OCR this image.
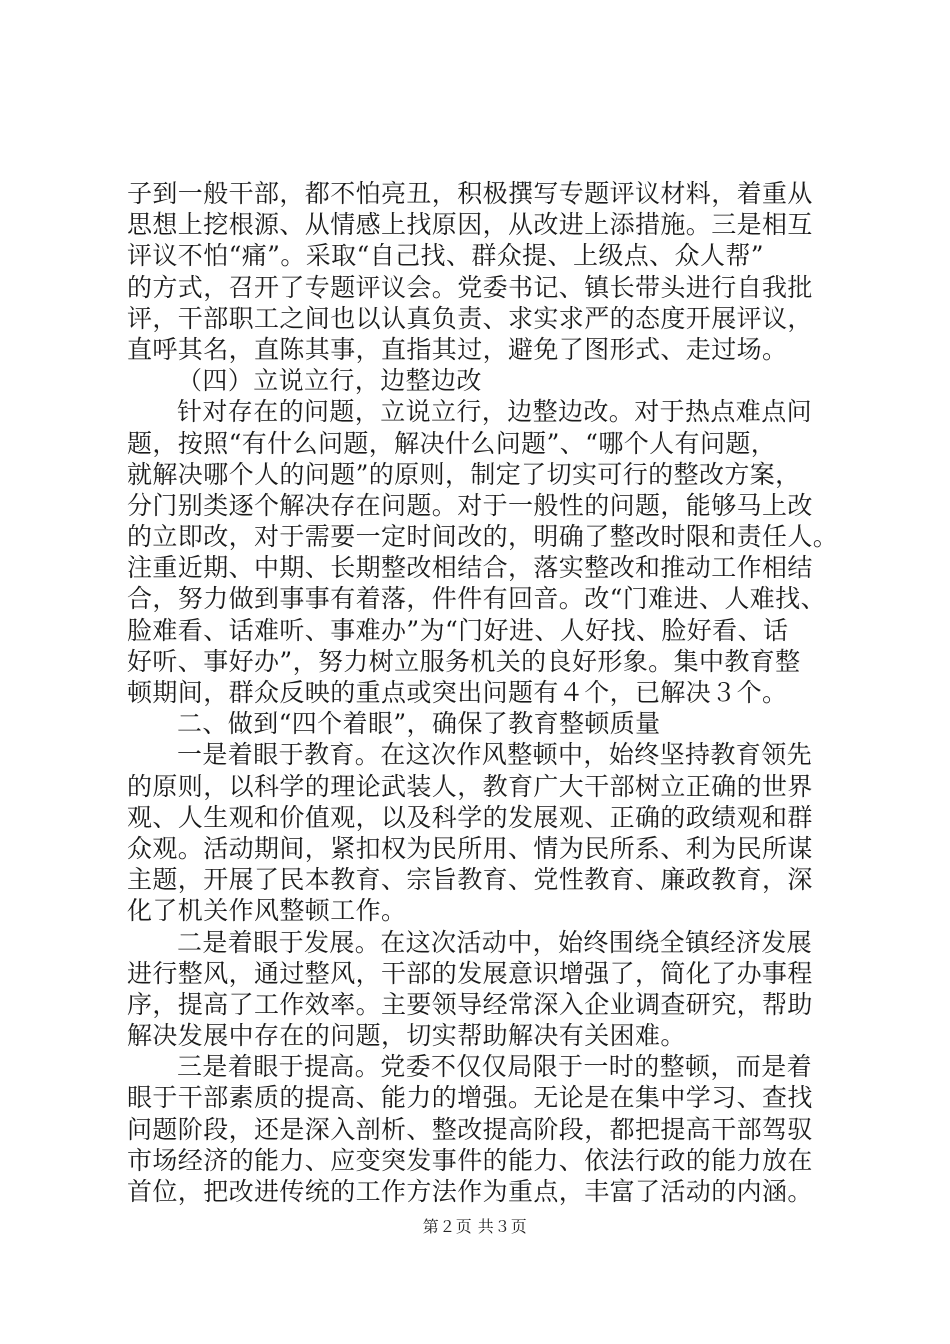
子到一般干部，都不怕亮丑，积极撰写专题评议材料，着重从
思想上挖根源、从情感上找原因，从改进上添措施。三是相互
评议不怕“痛”。采取“自己找、群众提、上级点、众人帮”
的方式，召开了专题评议会。党委书记、镇长带头进行自我批
评，干部职工之间也以认真负责、求实求严的态度开展评议，
直呼其名，直陈其事，直指其过，避免了图形式、走过场。
（四）立说立行，边整边改
针对存在的问题，立说立行，边整边改。对于热点难点问
题，按照“有什么问题，解决什么问题”、“哪个人有问题，
就解决哪个人的问题”的原则，制定了切实可行的整改方案，
分门别类逐个解决存在问题。对于一般性的问题，能够马上改
的立即改，对于需要一定时间改的，明确了整改时限和责任人。
注重近期、中期、长期整改相结合，落实整改和推动工作相结
合，努力做到事事有着落，件件有回音。改“门难进、人难找、
脸难看、话难听、事难办”为“门好进、人好找、脸好看、话
好听、事好办”，努力树立服务机关的良好形象。集中教育整
顿期间，群众反映的重点或突出问题有４个，已解决３个。
二、做到“四个着眼”，确保了教育整顿质量
一是着眼于教育。在这次作风整顿中，始终坚持教育领先
的原则，以科学的理论武装人，教育广大干部树立正确的世界
观、人生观和价值观，以及科学的发展观、正确的政绩观和群
众观。活动期间，紧扣权为民所用、情为民所系、利为民所谋
主题，开展了民本教育、宗旨教育、党性教育、廉政教育，深
化了机关作风整顿工作。
二是着眼于发展。在这次活动中，始终围绕全镇经济发展
进行整风，通过整风，干部的发展意识增强了，简化了办事程
序，提高了工作效率。主要领导经常深入企业调查研究，帮助
解决发展中存在的问题，切实帮助解决有关困难。
三是着眼于提高。党委不仅仅局限于一时的整顿，而是着
眼于干部素质的提高、能力的增强。无论是在集中学习、查找
问题阶段，还是深入剖析、整改提高阶段，都把提高干部驾驭
市场经济的能力、应变突发事件的能力、依法行政的能力放在
首位，把改进传统的工作方法作为重点，丰富了活动的内涵。
第２页 共３页
